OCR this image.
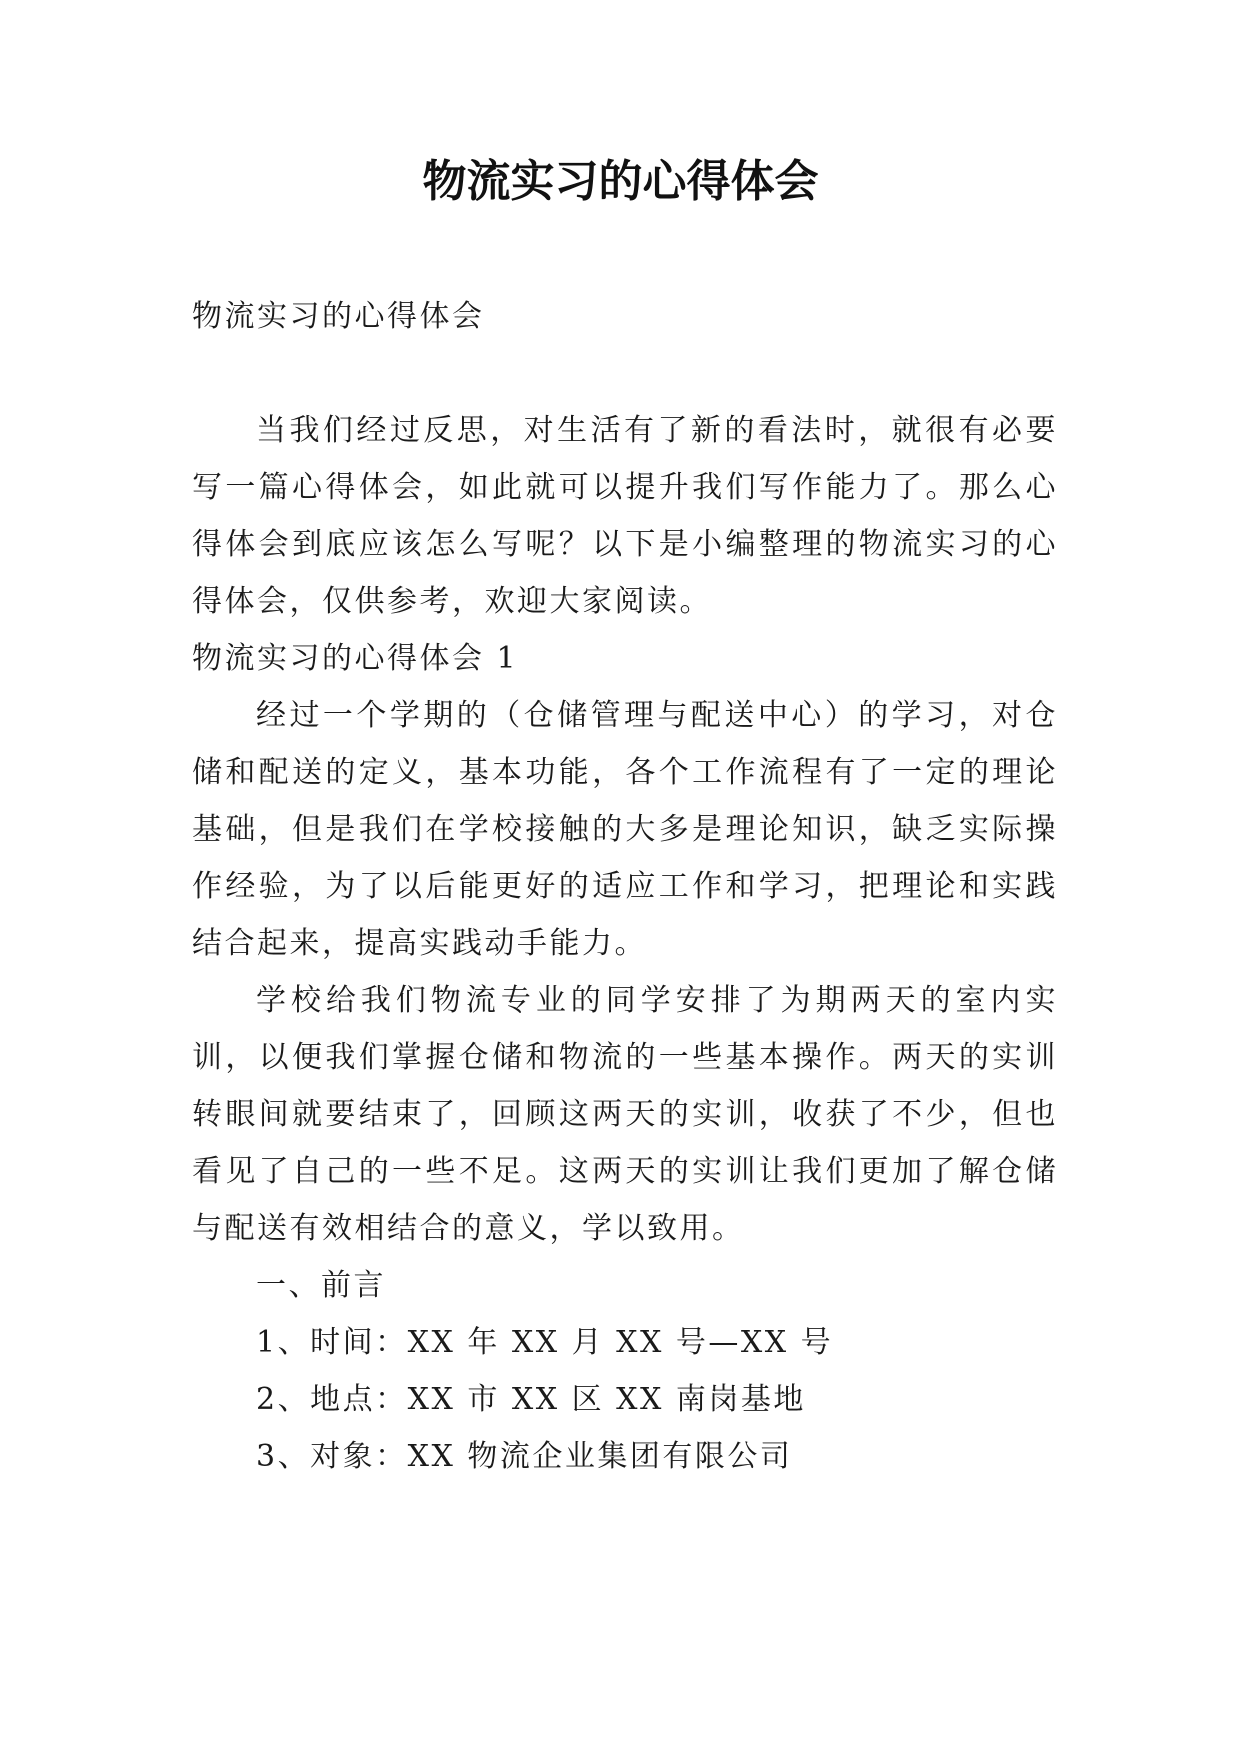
物流实习的心得体会

物流实习的心得体会

当我们经过反思，对生活有了新的看法时，就很有必要写一篇心得体会，如此就可以提升我们写作能力了。那么心得体会到底应该怎么写呢？以下是小编整理的物流实习的心得体会，仅供参考，欢迎大家阅读。

物流实习的心得体会 1

经过一个学期的（仓储管理与配送中心）的学习，对仓储和配送的定义，基本功能，各个工作流程有了一定的理论基础，但是我们在学校接触的大多是理论知识，缺乏实际操作经验，为了以后能更好的适应工作和学习，把理论和实践结合起来，提高实践动手能力。

学校给我们物流专业的同学安排了为期两天的室内实训，以便我们掌握仓储和物流的一些基本操作。两天的实训转眼间就要结束了，回顾这两天的实训，收获了不少，但也看见了自己的一些不足。这两天的实训让我们更加了解仓储与配送有效相结合的意义，学以致用。

一、前言

1、时间：XX 年 XX 月 XX 号—XX 号

2、地点：XX 市 XX 区 XX 南岗基地

3、对象：XX 物流企业集团有限公司
